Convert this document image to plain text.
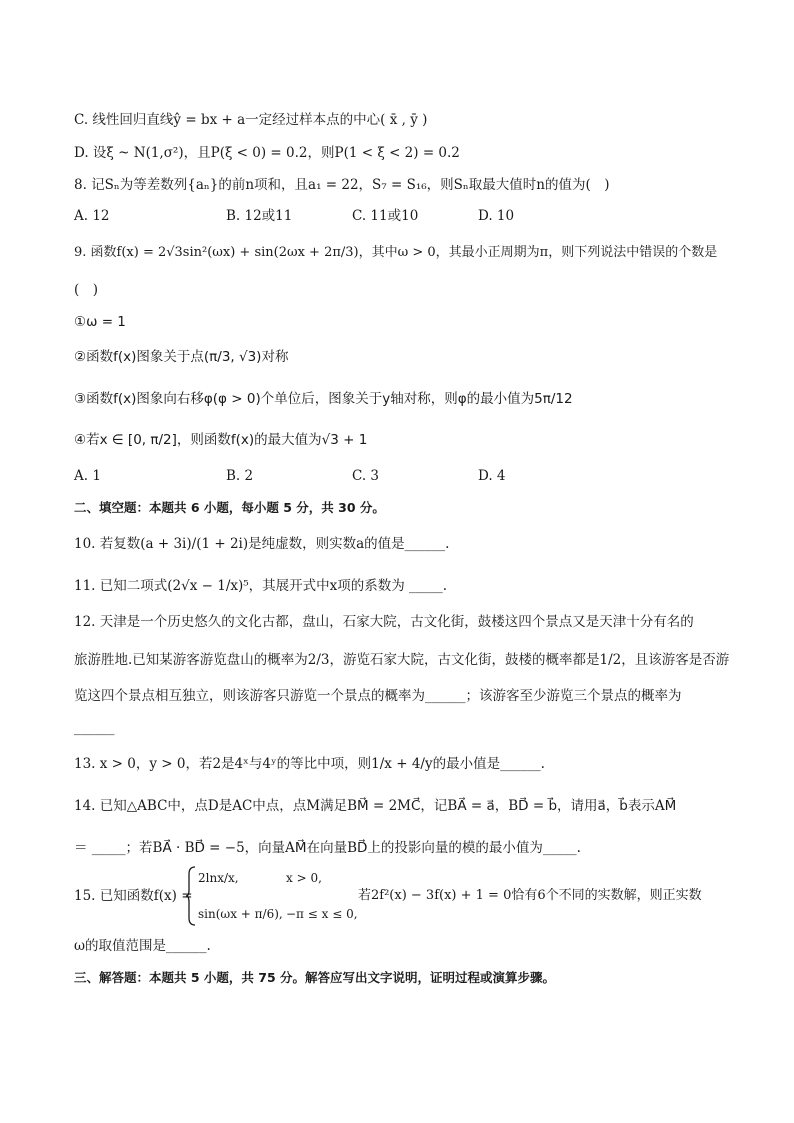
C. 线性回归直线ŷ = bx + a一定经过样本点的中心( x̄ , ȳ )
D. 设ξ ~ N(1,σ²)，且P(ξ < 0) = 0.2，则P(1 < ξ < 2) = 0.2
8. 记Sₙ为等差数列{aₙ}的前n项和，且a₁ = 22，S₇ = S₁₆，则Sₙ取最大值时n的值为(　)
A. 12	B. 12或11	C. 11或10	D. 10
9. 函数f(x) = 2√3sin²(ωx) + sin(2ωx + 2π/3)，其中ω > 0，其最小正周期为π，则下列说法中错误的个数是
(　)
①ω = 1
②函数f(x)图象关于点(π/3, √3)对称
③函数f(x)图象向右移φ(φ > 0)个单位后，图象关于y轴对称，则φ的最小值为5π/12
④若x ∈ [0, π/2]，则函数f(x)的最大值为√3 + 1
A. 1	B. 2	C. 3	D. 4
二、填空题：本题共 6 小题，每小题 5 分，共 30 分。
10. 若复数(a + 3i)/(1 + 2i)是纯虚数，则实数a的值是______.
11. 已知二项式(2√x − 1/x)⁵，其展开式中x项的系数为 _____.
12. 天津是一个历史悠久的文化古都，盘山，石家大院，古文化街，鼓楼这四个景点又是天津十分有名的
旅游胜地.已知某游客游览盘山的概率为2/3，游览石家大院，古文化街，鼓楼的概率都是1/2，且该游客是否游
览这四个景点相互独立，则该游客只游览一个景点的概率为______；该游客至少游览三个景点的概率为
______
13. x > 0，y > 0，若2是4ˣ与4ʸ的等比中项，则1/x + 4/y的最小值是______.
14. 已知△ABC中，点D是AC中点，点M满足BM⃗ = 2MC⃗，记BA⃗ = a⃗，BD⃗ = b⃗，请用a⃗，b⃗表示AM⃗
＝ _____；若BA⃗ · BD⃗ = −5，向量AM⃗在向量BD⃗上的投影向量的模的最小值为_____.
15. 已知函数f(x) =
2lnx/x,	x > 0,
sin(ωx + π/6), −π ≤ x ≤ 0,
若2f²(x) − 3f(x) + 1 = 0恰有6个不同的实数解，则正实数
ω的取值范围是______.
三、解答题：本题共 5 小题，共 75 分。解答应写出文字说明，证明过程或演算步骤。
